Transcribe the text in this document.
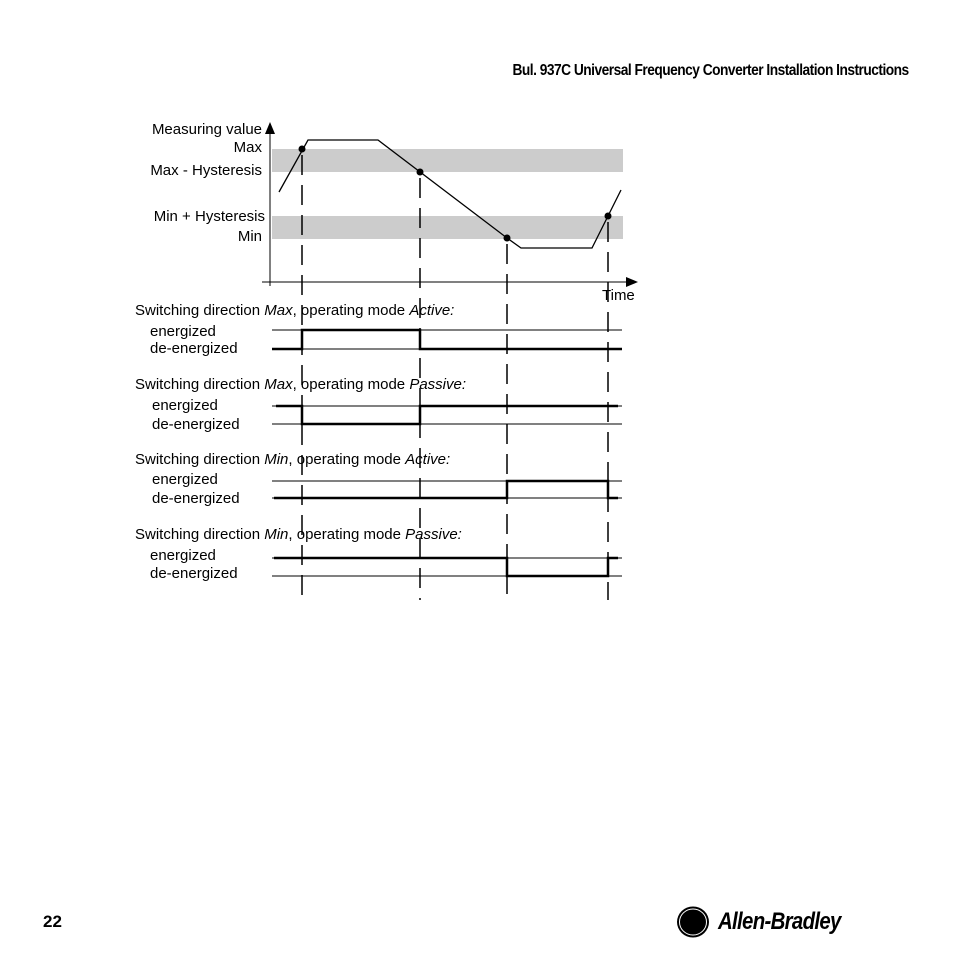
Bul. 937C Universal Frequency Converter Installation Instructions
Measuring value
Max
Max - Hysteresis
Min + Hysteresis
Min
Time
Switching direction Max, operating mode Active:
energized
de-energized
Switching direction Max, operating mode Passive:
energized
de-energized
Switching direction Min, operating mode Active:
energized
de-energized
Switching direction Min, operating mode Passive:
energized
de-energized
22	AB Allen-Bradley
